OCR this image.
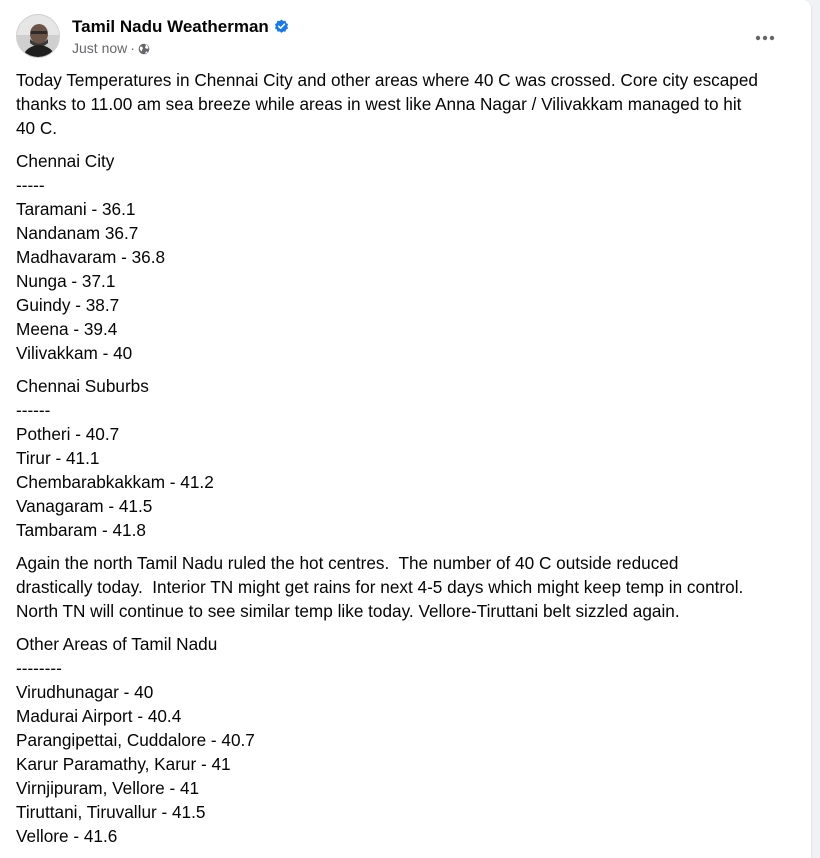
Tamil Nadu Weatherman
Just now ·
Today Temperatures in Chennai City and other areas where 40 C was crossed. Core city escaped
thanks to 11.00 am sea breeze while areas in west like Anna Nagar / Vilivakkam managed to hit
40 C.
Chennai City
-----
Taramani - 36.1
Nandanam 36.7
Madhavaram - 36.8
Nunga - 37.1
Guindy - 38.7
Meena - 39.4
Vilivakkam - 40
Chennai Suburbs
------
Potheri - 40.7
Tirur - 41.1
Chembarabkakkam - 41.2
Vanagaram - 41.5
Tambaram - 41.8
Again the north Tamil Nadu ruled the hot centres.  The number of 40 C outside reduced
drastically today.  Interior TN might get rains for next 4-5 days which might keep temp in control.
North TN will continue to see similar temp like today. Vellore-Tiruttani belt sizzled again.
Other Areas of Tamil Nadu
--------
Virudhunagar - 40
Madurai Airport - 40.4
Parangipettai, Cuddalore - 40.7
Karur Paramathy, Karur - 41
Virnjipuram, Vellore - 41
Tiruttani, Tiruvallur - 41.5
Vellore - 41.6
